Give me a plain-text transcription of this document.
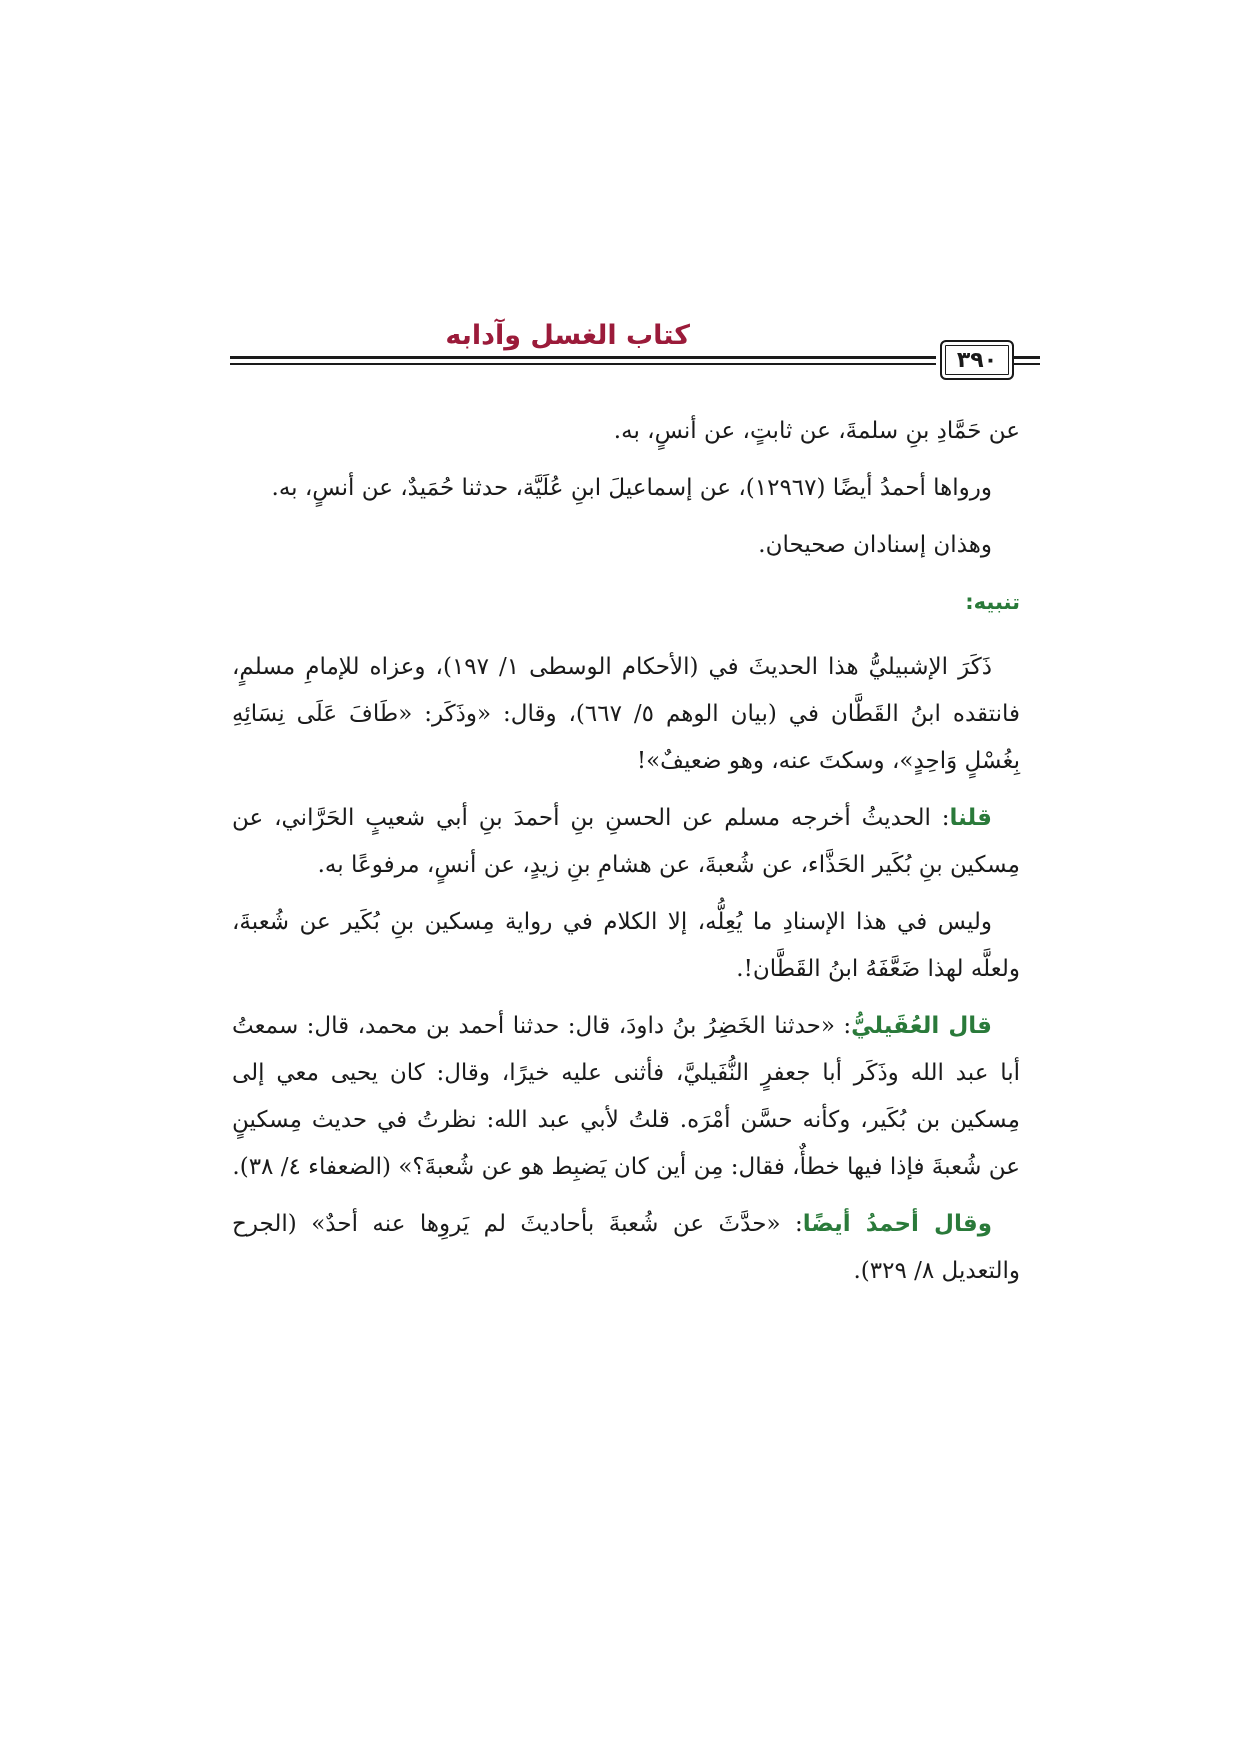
كتاب الغسل وآدابه
٣٩٠

عن حَمَّادِ بنِ سلمةَ، عن ثابتٍ، عن أنسٍ، به.

ورواها أحمدُ أيضًا (١٢٩٦٧)، عن إسماعيلَ ابنِ عُلَيَّة، حدثنا حُمَيدٌ، عن أنسٍ، به.

وهذان إسنادان صحيحان.

تنبيه:

ذَكَرَ الإشبيليُّ هذا الحديثَ في (الأحكام الوسطى ١/ ١٩٧)، وعزاه للإمامِ مسلمٍ، فانتقده ابنُ القَطَّان في (بيان الوهم ٥/ ٦٦٧)، وقال: «وذَكَر: «طَافَ عَلَى نِسَائِهِ بِغُسْلٍ وَاحِدٍ»، وسكتَ عنه، وهو ضعيفٌ»!

قلنا: الحديثُ أخرجه مسلم عن الحسنِ بنِ أحمدَ بنِ أبي شعيبٍ الحَرَّاني، عن مِسكين بنِ بُكَير الحَذَّاء، عن شُعبةَ، عن هشامِ بنِ زيدٍ، عن أنسٍ، مرفوعًا به.

وليس في هذا الإسنادِ ما يُعِلُّه، إلا الكلام في رواية مِسكين بنِ بُكَير عن شُعبةَ، ولعلَّه لهذا ضَعَّفَهُ ابنُ القَطَّان!.

قال العُقَيليُّ: «حدثنا الخَضِرُ بنُ داودَ، قال: حدثنا أحمد بن محمد، قال: سمعتُ أبا عبد الله وذَكَر أبا جعفرٍ النُّفَيليَّ، فأثنى عليه خيرًا، وقال: كان يحيى معي إلى مِسكين بن بُكَير، وكأنه حسَّن أمْرَه. قلتُ لأبي عبد الله: نظرتُ في حديث مِسكينٍ عن شُعبةَ فإذا فيها خطأٌ، فقال: مِن أين كان يَضبِط هو عن شُعبةَ؟» (الضعفاء ٤/ ٣٨).

وقال أحمدُ أيضًا: «حدَّثَ عن شُعبةَ بأحاديثَ لم يَروِها عنه أحدٌ» (الجرح والتعديل ٨/ ٣٢٩).
